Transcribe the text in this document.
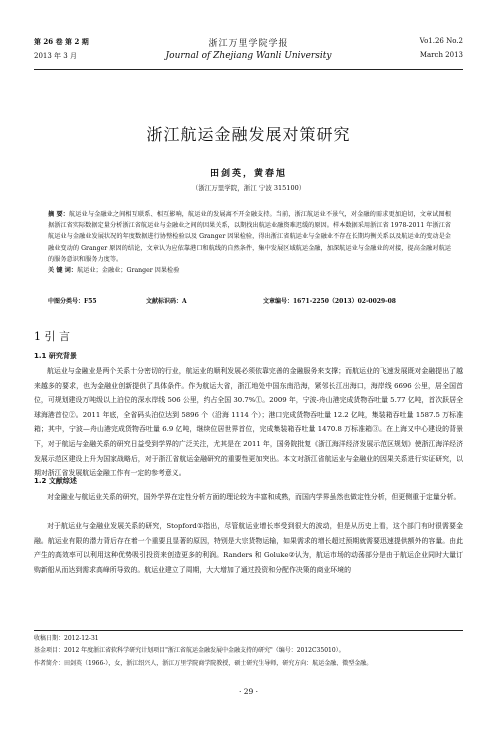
第 26 卷 第 2 期
2013 年 3 月
浙江万里学院学报
Journal of Zhejiang Wanli University
Vo1.26 No.2
March 2013
浙江航运金融发展对策研究
田剑英，黄春旭
（浙江万里学院，浙江 宁波 315100）
摘 要：航运业与金融业之间相互联系、相互影响，航运业的发展离不开金融支持。当前，浙江航运业不景气，对金融的需求更加迫切，文章试图根据浙江省实际数据定量分析浙江省航运业与金融业之间的因果关系，以期找出航运业融资难迟缓的原因。样本数据采用浙江省 1978-2011 年浙江省航运业与金融业发展状况的年度数据进行协整检验以及 Granger 因果检验，得出浙江省航运业与金融业不存在长期均衡关系以及航运业的变动是金融业变动的 Granger 原因的结论，文章认为应依靠港口和航线的自然条件，集中发展区域航运金融，加深航运业与金融业的对接，提高金融对航运的服务意识和服务力度等。
关 键 词：航运业；金融业；Granger 因果检验
中图分类号：F55	文献标识码：A	文章编号：1671-2250（2013）02-0029-08
1 引 言
1.1 研究背景
航运业与金融业是两个关系十分密切的行业，航运业的顺利发展必须依靠完善的金融服务来支撑；而航运业的飞速发展既对金融提出了越来越多的要求，也为金融业创新提供了具体条件。作为航运大省，浙江地处中国东南沿海，紧邻长江出海口，海岸线 6696 公里，居全国首位，可规划建设万吨级以上泊位的深水岸线 506 公里，约占全国 30.7%①。2009 年，宁波-舟山港完成货物吞吐量 5.77 亿吨，首次跃居全球海港首位②。2011 年底，全省码头泊位达到 5896 个（沿海 1114 个）；港口完成货物吞吐量 12.2 亿吨，集装箱吞吐量 1587.5 万标准箱；其中，宁波—舟山港完成货物吞吐量 6.9 亿吨，继续位居世界首位，完成集装箱吞吐量 1470.8 万标准箱③。在上海又中心建设的背景下，对于航运与金融关系的研究日益受到学界的广泛关注，尤其是在 2011 年，国务院批复《浙江海洋经济发展示范区规划》使浙江海洋经济发展示范区建设上升为国家战略后，对于浙江省航运金融研究的重要性更加突出。本文对浙江省航运业与金融业的因果关系进行实证研究，以期对浙江省发展航运金融工作有一定的参考意义。
1.2 文献综述
对金融业与航运业关系的研究，国外学界在定性分析方面的理论较为丰富和成熟，而国内学界虽然也做定性分析，但更侧重于定量分析。
对于航运业与金融业发展关系的研究，Stopford①指出，尽管航运业增长率受到很大的波动，但是从历史上看，这个部门有时很需要金融。航运业有限的潜力背后存在着一个重要且显著的原因，特别是大宗货物运输，如果需求的增长超过预期就需要迅速提供额外的容量。由此产生的高效率可以利用这种优势吸引投资来创造更多的利润。Randers 和 Goluke②认为，航运市场的动荡部分是由于航运企业同时大量订购新船从而达到需求高峰所导致的。航运业建立了周期，大大增加了通过投资和分配作决策的商业环境的
收稿日期：2012-12-31
基金项目：2012 年度浙江省软科学研究计划项目"浙江省航运金融发展中金融支持的研究"（编号：2012C35010）。
作者简介：田剑英（1966-），女，浙江绍兴人，浙江万里学院商学院教授，硕士研究生导师，研究方向：航运金融、微型金融。
· 29 ·
